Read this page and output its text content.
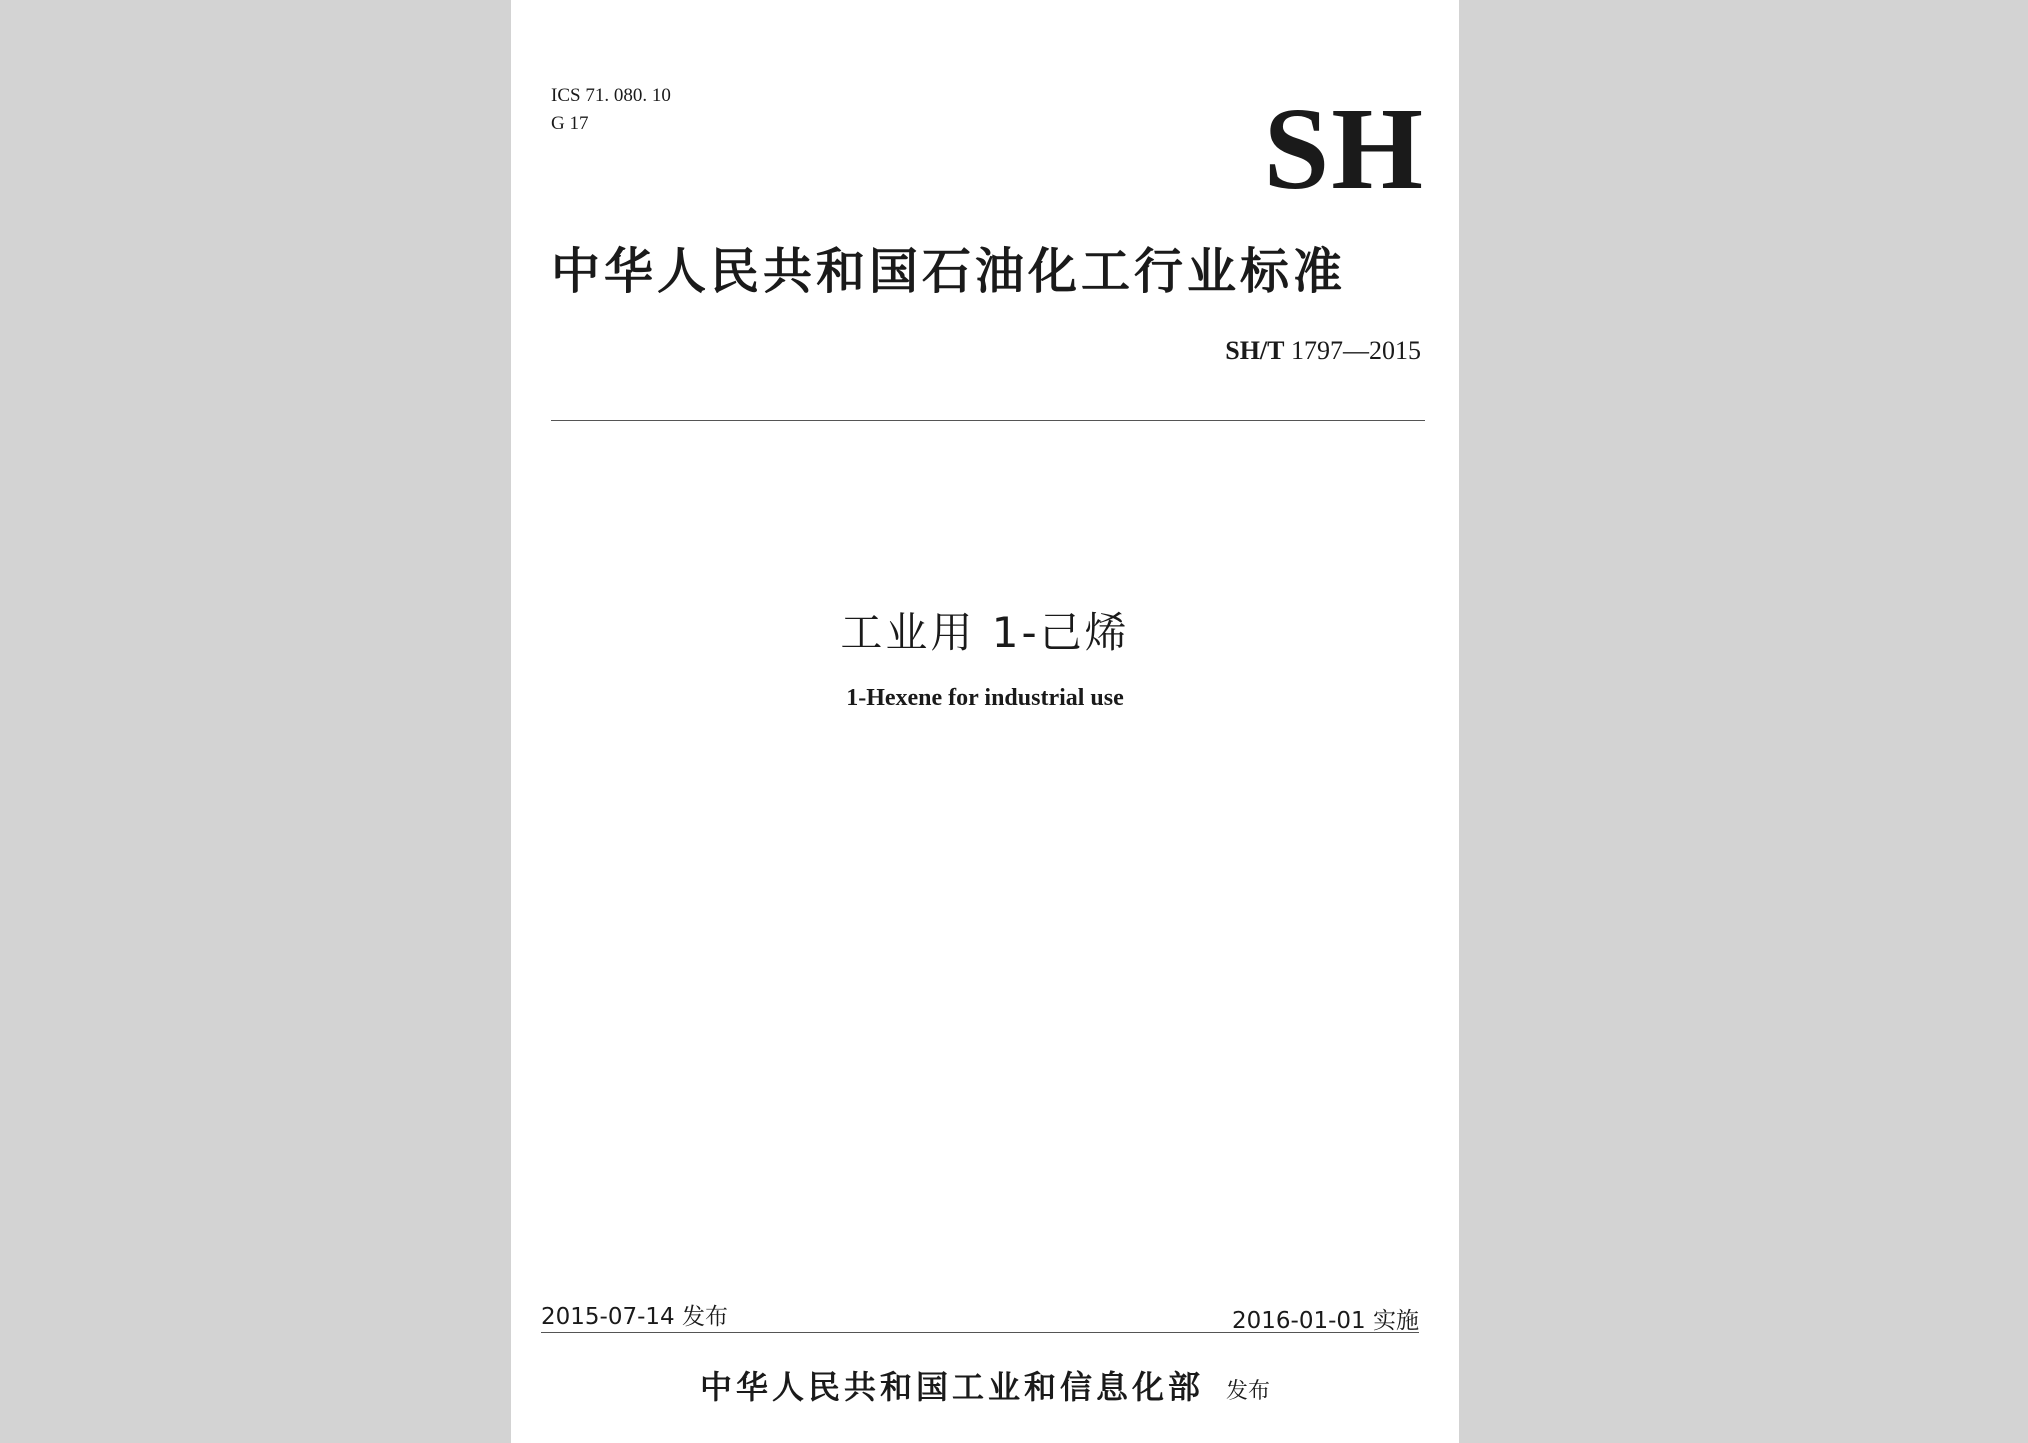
ICS 71. 080. 10
G 17	SH
中华人民共和国石油化工行业标准
SH/T 1797—2015
工业用 1-己烯
1-Hexene for industrial use
2015-07-14 发布	2016-01-01 实施
中华人民共和国工业和信息化部 发布
